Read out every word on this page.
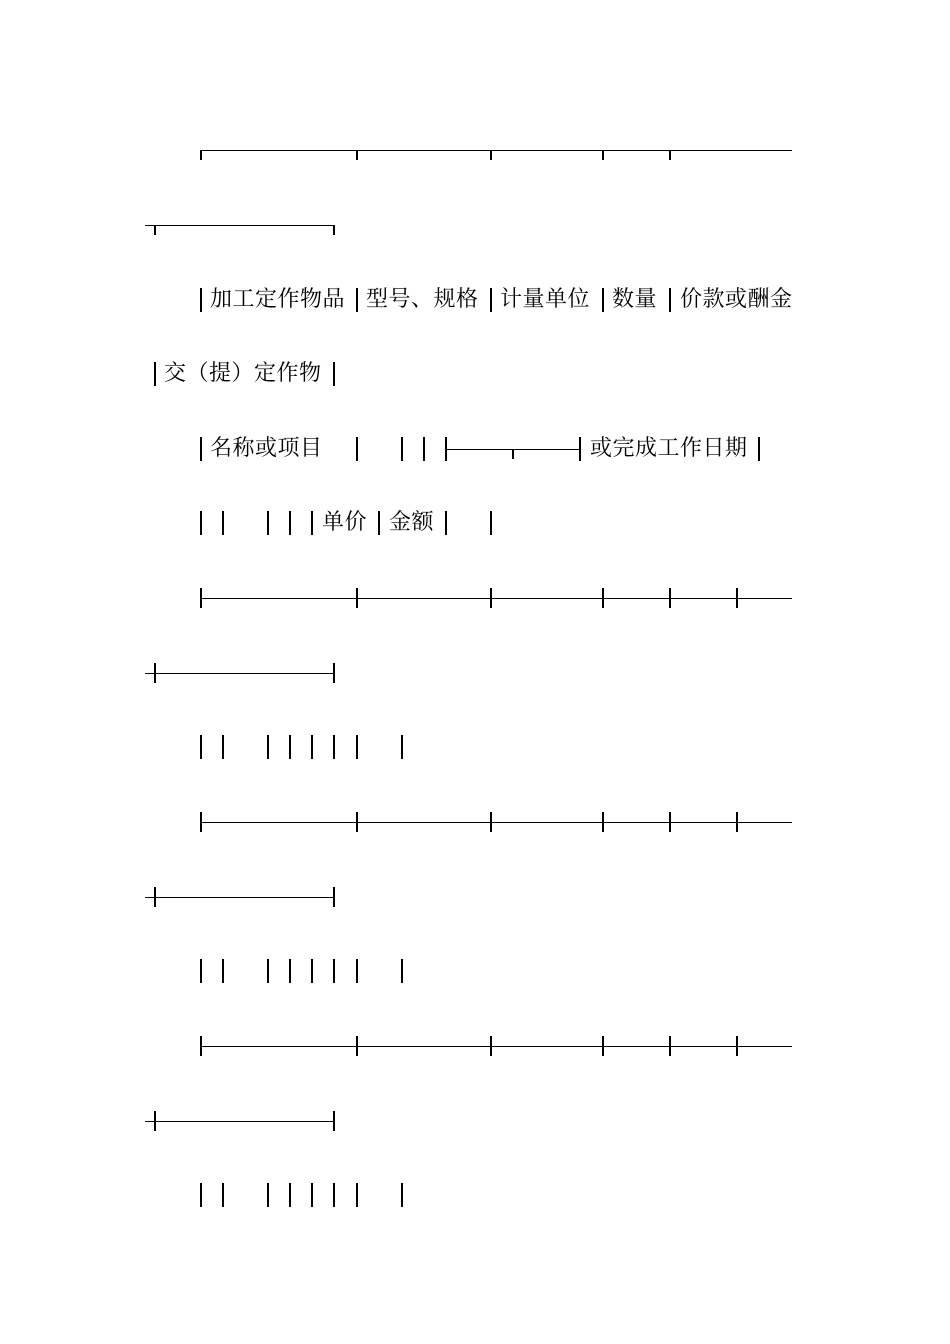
加工定作物品 型号、规格 计量单位 数量 价款或酬金
交（提）定作物
名称或项目	或完成工作日期
单价 金额
